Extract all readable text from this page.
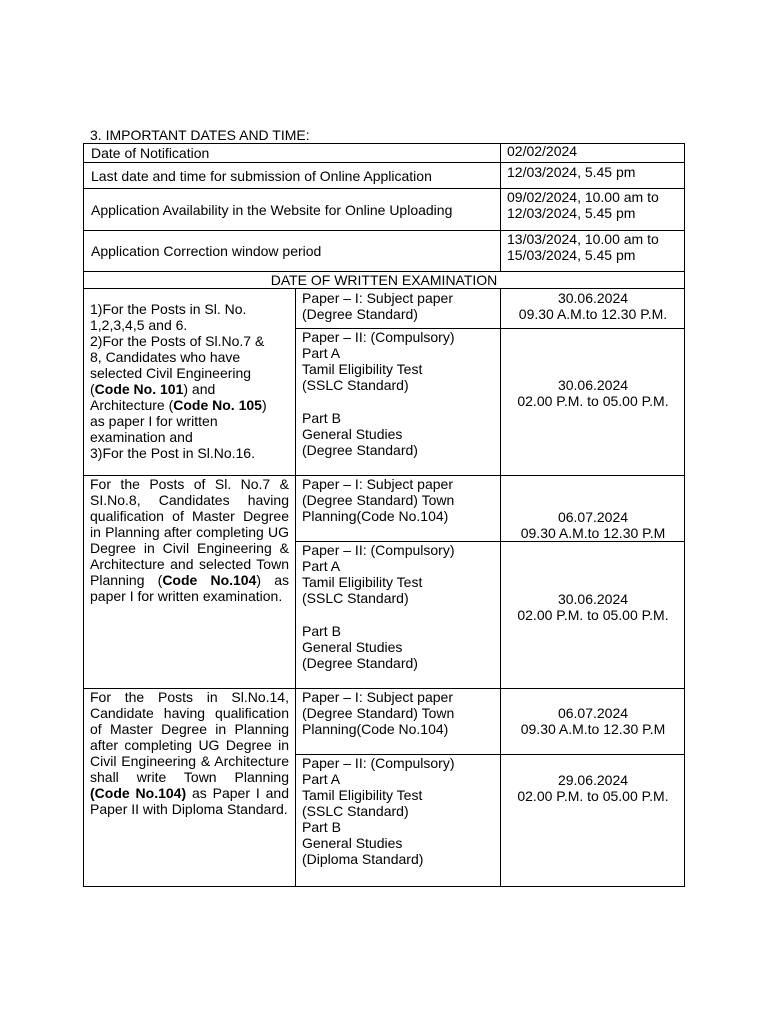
3. IMPORTANT DATES AND TIME:
Date of Notification
Last date and time for submission of Online Application
Application Availability in the Website for Online Uploading
Application Correction window period
02/02/2024
12/03/2024, 5.45 pm
09/02/2024, 10.00 am to
12/03/2024, 5.45 pm
13/03/2024, 10.00 am to
15/03/2024, 5.45 pm
DATE OF WRITTEN EXAMINATION
1)For the Posts in Sl. No.
1,2,3,4,5 and 6.
2)For the Posts of Sl.No.7 &
8, Candidates who have
selected Civil Engineering
(Code No. 101) and
Architecture (Code No. 105)
as paper I for written
examination and
3)For the Post in Sl.No.16.
Paper – I: Subject paper
(Degree Standard)
30.06.2024
09.30 A.M.to 12.30 P.M.
Paper – II: (Compulsory)
Part A
Tamil Eligibility Test
(SSLC Standard)
Part B
General Studies
(Degree Standard)
30.06.2024
02.00 P.M. to 05.00 P.M.
For the Posts of Sl. No.7 & SI.No.8, Candidates having qualification of Master Degree in Planning after completing UG Degree in Civil Engineering & Architecture and selected Town Planning (Code No.104) as paper I for written examination.
Paper – I: Subject paper
(Degree Standard) Town
Planning(Code No.104)	06.07.2024
09.30 A.M.to 12.30 P.M
Paper – II: (Compulsory)
Part A
Tamil Eligibility Test
(SSLC Standard)
Part B
General Studies
(Degree Standard)
30.06.2024
02.00 P.M. to 05.00 P.M.
For the Posts in Sl.No.14, Candidate having qualification of Master Degree in Planning after completing UG Degree in Civil Engineering & Architecture shall write Town Planning (Code No.104) as Paper I and Paper II with Diploma Standard.
Paper – I: Subject paper
(Degree Standard) Town
Planning(Code No.104)
06.07.2024
09.30 A.M.to 12.30 P.M
Paper – II: (Compulsory)
Part A
Tamil Eligibility Test
(SSLC Standard)
Part B
General Studies
(Diploma Standard)
29.06.2024
02.00 P.M. to 05.00 P.M.
